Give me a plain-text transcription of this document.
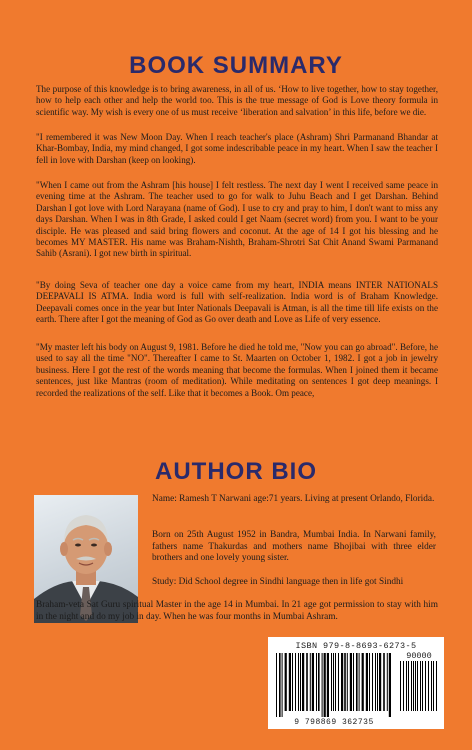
BOOK SUMMARY

The purpose of this knowledge is to bring awareness, in all of us. ‘How to live together, how to stay together, how to help each other and help the world too. This is the true message of God is Love theory formula in scientific way. My wish is every one of us must receive ‘liberation and salvation’ in this life, before we die.

"I remembered it was New Moon Day. When I reach teacher's place (Ashram) Shri Parmanand Bhandar at Khar-Bombay, India, my mind changed, I got some indescribable peace in my heart. When I saw the teacher I fell in love with Darshan (keep on looking).

"When I came out from the Ashram [his house] I felt restless. The next day I went I received same peace in evening time at the Ashram. The teacher used to go for walk to Juhu Beach and I get Darshan. Behind Darshan I got love with Lord Narayana (name of God). I use to cry and pray to him, I don't want to miss any days Darshan. When I was in 8th Grade, I asked could I get Naam (secret word) from you. I want to be your disciple. He was pleased and said bring flowers and coconut. At the age of 14 I got his blessing and he becomes MY MASTER. His name was Braham-Nishth, Braham-Shrotri Sat Chit Anand Swami Parmanand Sahib (Asrani). I got new birth in spiritual.

"By doing Seva of teacher one day a voice came from my heart, INDIA means INTER NATIONALS DEEPAVALI IS ATMA. India word is full with self-realization. India word is of Braham Knowledge. Deepavali comes once in the year but Inter Nationals Deepavali is Atman, is all the time till life exists on the earth. There after I got the meaning of God as Go over death and Love as Life of very essence.

"My master left his body on August 9, 1981. Before he died he told me, "Now you can go abroad". Before, he used to say all the time "NO". Thereafter I came to St. Maarten on October 1, 1982. I got a job in jewelry business. Here I got the rest of the words meaning that become the formulas. When I joined them it became sentences, just like Mantras (room of meditation). While meditating on sentences I got deep meanings. I recorded the realizations of the self. Like that it becomes a Book. Om peace,

AUTHOR BIO

Name: Ramesh T Narwani age:71 years. Living at present Orlando, Florida.

Born on 25th August 1952 in Bandra, Mumbai India. In Narwani family, fathers name Thakurdas and mothers name Bhojibai with three elder brothers and one lovely young sister.

Study: Did School degree in Sindhi language then in life got Sindhi

Braham-veta Sat Guru spiritual Master in the age 14 in Mumbai. In 21 age got permission to stay with him in the night and do my job in day. When he was four months in Mumbai Ashram.

ISBN 979-8-8693-6273-5
90000
9 798869 362735
